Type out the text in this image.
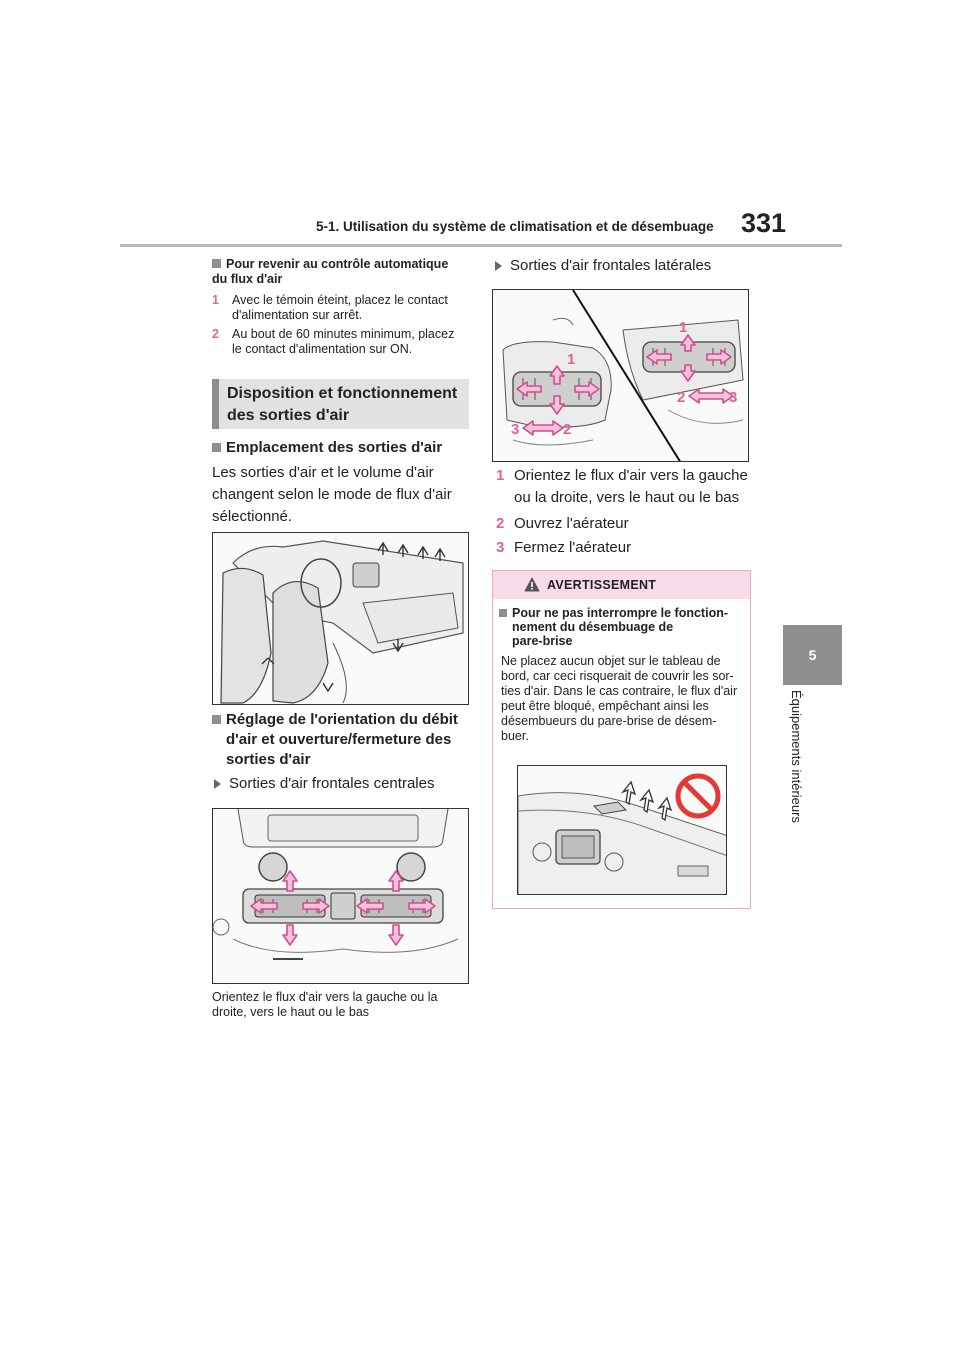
5-1. Utilisation du système de climatisation et de désembuage 331
5
Équipements intérieurs
Pour revenir au contrôle automatique
du flux d'air
1 Avec le témoin éteint, placez le contact
d'alimentation sur arrêt.
2 Au bout de 60 minutes minimum, placez
le contact d'alimentation sur ON.
Disposition et fonctionnement
des sorties d'air
Emplacement des sorties d'air
Les sorties d'air et le volume d'air
changent selon le mode de flux d'air
sélectionné.
Réglage de l'orientation du débit
d'air et ouverture/fermeture des
sorties d'air
Sorties d'air frontales centrales
Orientez le flux d'air vers la gauche ou la
droite, vers le haut ou le bas
Sorties d'air frontales latérales
1
1
2	3
3	2
1 Orientez le flux d'air vers la gauche
ou la droite, vers le haut ou le bas
2 Ouvrez l'aérateur
3 Fermez l'aérateur
AVERTISSEMENT
Pour ne pas interrompre le fonction-
nement du désembuage de
pare-brise
Ne placez aucun objet sur le tableau de
bord, car ceci risquerait de couvrir les sor-
ties d'air. Dans le cas contraire, le flux d'air
peut être bloqué, empêchant ainsi les
désembueurs du pare-brise de désem-
buer.
